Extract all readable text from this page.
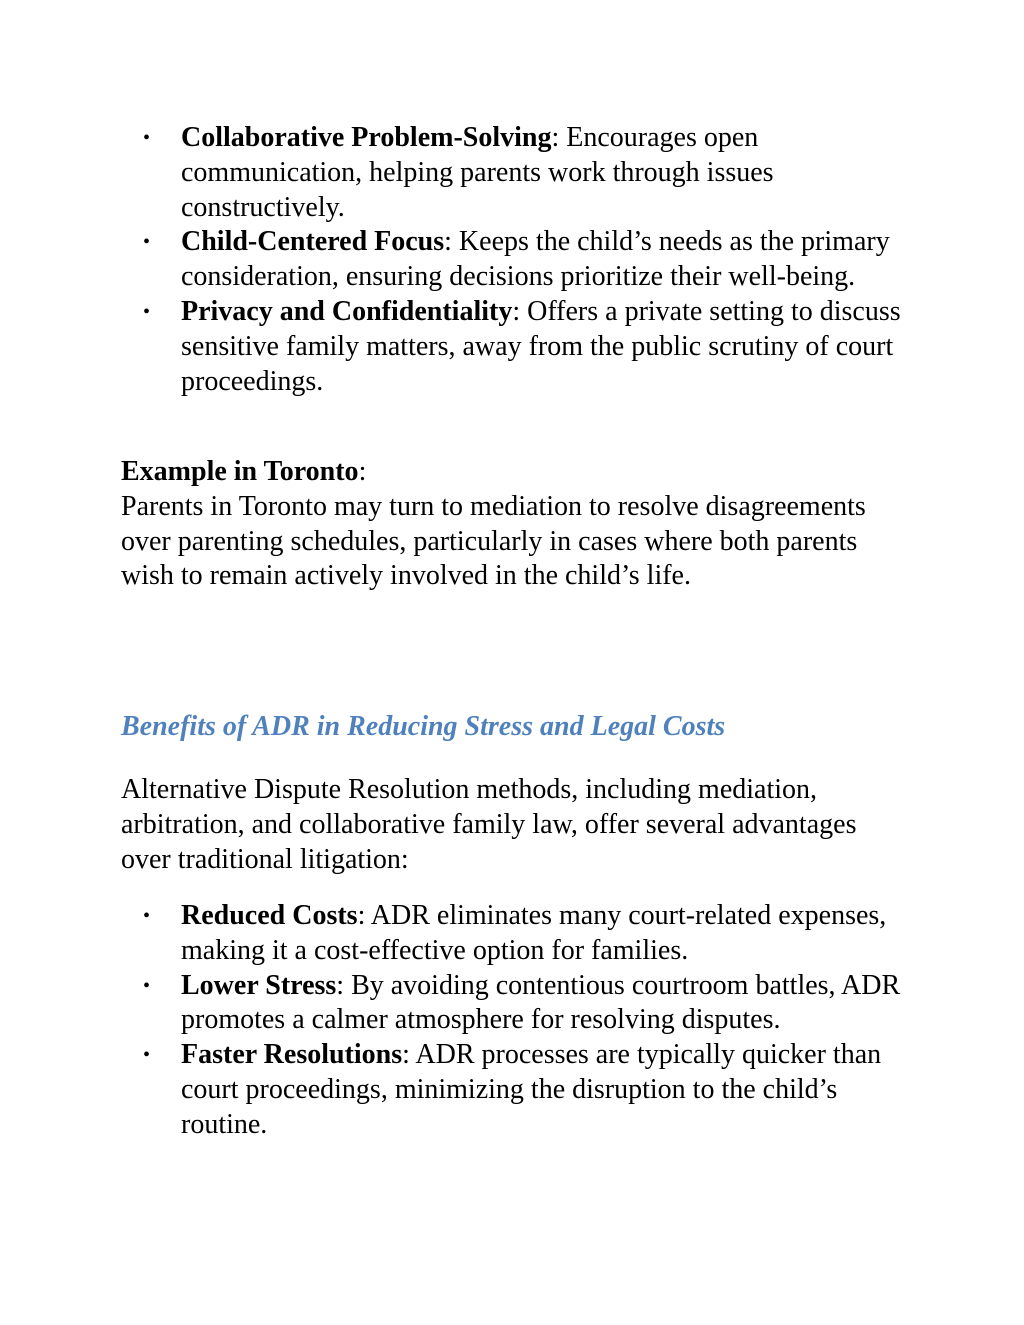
• Collaborative Problem-Solving: Encourages open communication, helping parents work through issues constructively.
• Child-Centered Focus: Keeps the child’s needs as the primary consideration, ensuring decisions prioritize their well-being.
• Privacy and Confidentiality: Offers a private setting to discuss sensitive family matters, away from the public scrutiny of court proceedings.
Example in Toronto:
Parents in Toronto may turn to mediation to resolve disagreements over parenting schedules, particularly in cases where both parents wish to remain actively involved in the child’s life.
Benefits of ADR in Reducing Stress and Legal Costs

Alternative Dispute Resolution methods, including mediation, arbitration, and collaborative family law, offer several advantages over traditional litigation:

• Reduced Costs: ADR eliminates many court-related expenses, making it a cost-effective option for families.
• Lower Stress: By avoiding contentious courtroom battles, ADR promotes a calmer atmosphere for resolving disputes.
• Faster Resolutions: ADR processes are typically quicker than court proceedings, minimizing the disruption to the child’s routine.
